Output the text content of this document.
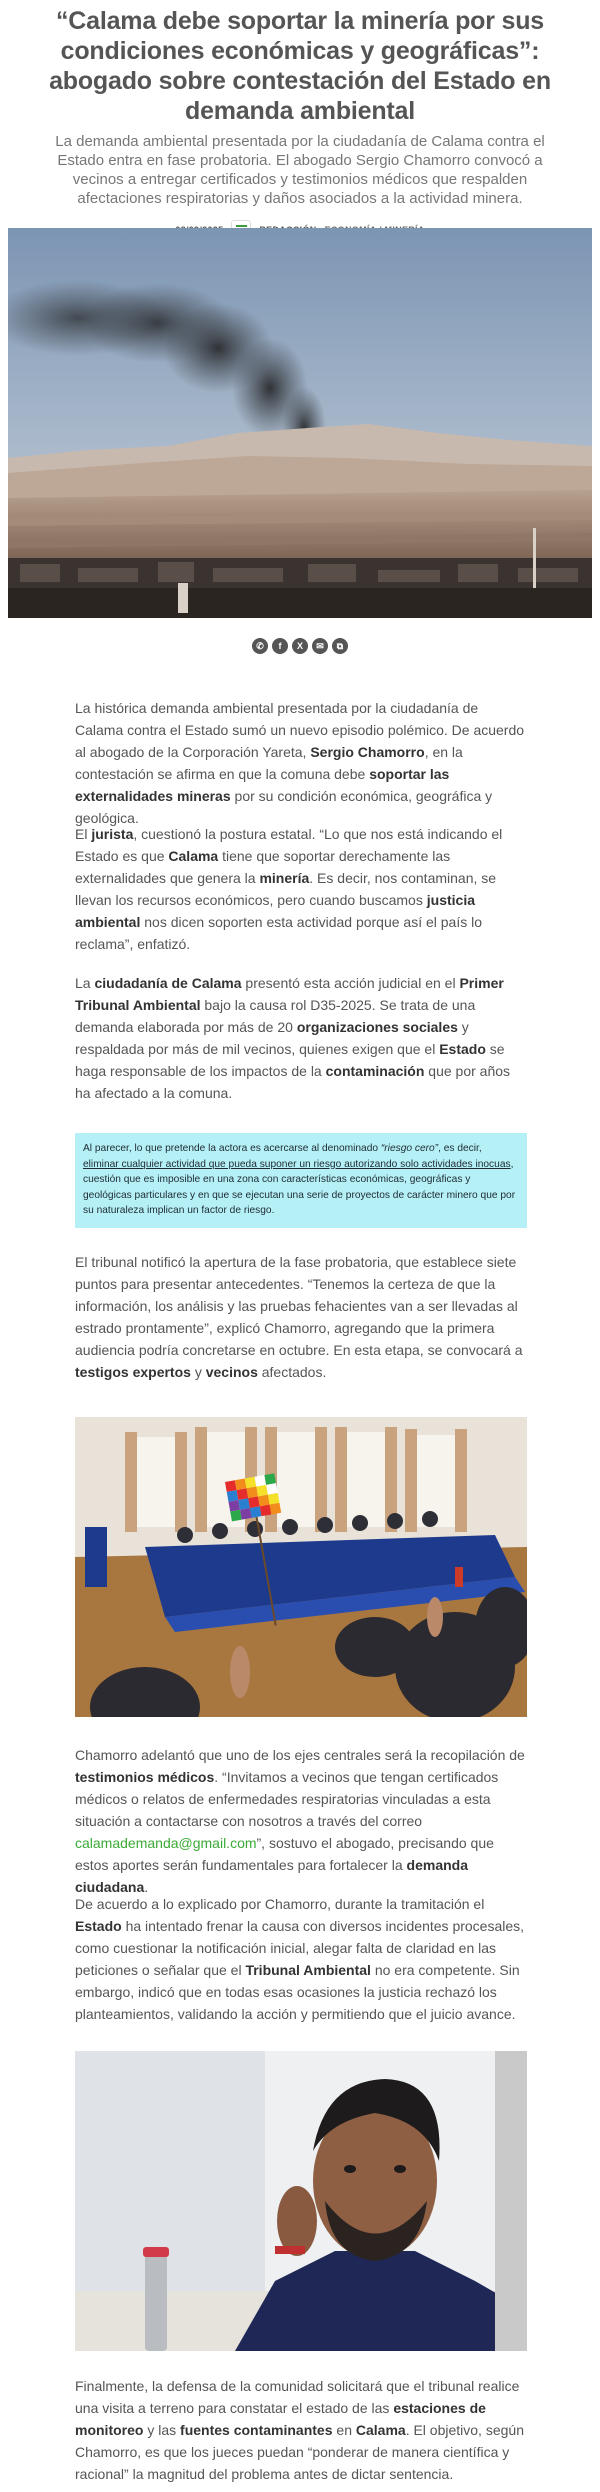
“Calama debe soportar la minería por sus condiciones económicas y geográficas”: abogado sobre contestación del Estado en demanda ambiental

La demanda ambiental presentada por la ciudadanía de Calama contra el Estado entra en fase probatoria. El abogado Sergio Chamorro convocó a vecinos a entregar certificados y testimonios médicos que respalden afectaciones respiratorias y daños asociados a la actividad minera.

✆	f	X	✉	⧉

La histórica demanda ambiental presentada por la ciudadanía de Calama contra el Estado sumó un nuevo episodio polémico. De acuerdo al abogado de la Corporación Yareta, Sergio Chamorro, en la contestación se afirma en que la comuna debe soportar las externalidades mineras por su condición económica, geográfica y geológica.

El jurista, cuestionó la postura estatal. “Lo que nos está indicando el Estado es que Calama tiene que soportar derechamente las externalidades que genera la minería. Es decir, nos contaminan, se llevan los recursos económicos, pero cuando buscamos justicia ambiental nos dicen soporten esta actividad porque así el país lo reclama”, enfatizó.

La ciudadanía de Calama presentó esta acción judicial en el Primer Tribunal Ambiental bajo la causa rol D35-2025. Se trata de una demanda elaborada por más de 20 organizaciones sociales y respaldada por más de mil vecinos, quienes exigen que el Estado se haga responsable de los impactos de la contaminación que por años ha afectado a la comuna.

Al parecer, lo que pretende la actora es acercarse al denominado “riesgo cero”, es decir, eliminar cualquier actividad que pueda suponer un riesgo autorizando solo actividades inocuas, cuestión que es imposible en una zona con características económicas, geográficas y geológicas particulares y en que se ejecutan una serie de proyectos de carácter minero que por su naturaleza implican un factor de riesgo.

El tribunal notificó la apertura de la fase probatoria, que establece siete puntos para presentar antecedentes. “Tenemos la certeza de que la información, los análisis y las pruebas fehacientes van a ser llevadas al estrado prontamente”, explicó Chamorro, agregando que la primera audiencia podría concretarse en octubre. En esta etapa, se convocará a testigos expertos y vecinos afectados.

Chamorro adelantó que uno de los ejes centrales será la recopilación de testimonios médicos. “Invitamos a vecinos que tengan certificados médicos o relatos de enfermedades respiratorias vinculadas a esta situación a contactarse con nosotros a través del correo calamademanda@gmail.com”, sostuvo el abogado, precisando que estos aportes serán fundamentales para fortalecer la demanda ciudadana.

De acuerdo a lo explicado por Chamorro, durante la tramitación el Estado ha intentado frenar la causa con diversos incidentes procesales, como cuestionar la notificación inicial, alegar falta de claridad en las peticiones o señalar que el Tribunal Ambiental no era competente. Sin embargo, indicó que en todas esas ocasiones la justicia rechazó los planteamientos, validando la acción y permitiendo que el juicio avance.

Finalmente, la defensa de la comunidad solicitará que el tribunal realice una visita a terreno para constatar el estado de las estaciones de monitoreo y las fuentes contaminantes en Calama. El objetivo, según Chamorro, es que los jueces puedan “ponderar de manera científica y racional” la magnitud del problema antes de dictar sentencia.
